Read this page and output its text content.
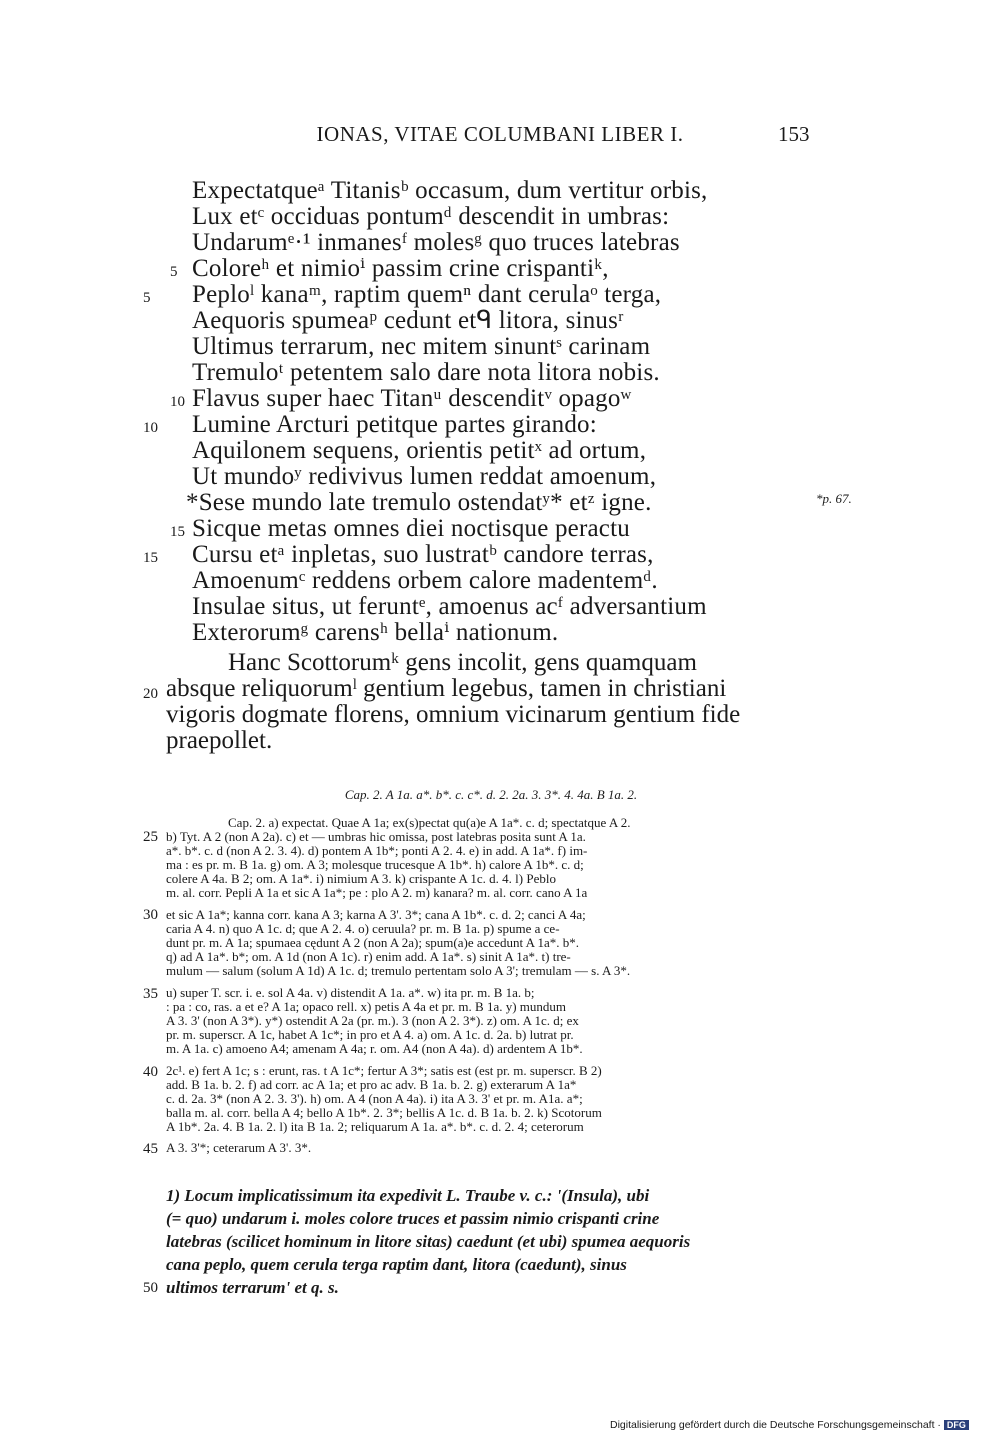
IONAS, VITAE COLUMBANI LIBER I.	153
Expectatqueᵃ Titanisᵇ occasum, dum vertitur orbis,
Lux etᶜ occiduas pontumᵈ descendit in umbras:
Undarumᵉ·¹ inmanesᶠ molesᵍ quo truces latebras
Coloreʰ et nimioⁱ passim crine crispantiᵏ,
Peploˡ kanaᵐ, raptim quemⁿ dant cerulaᵒ terga,
Aequoris spumeaᵖ cedunt etᑫ litora, sinusʳ
Ultimus terrarum, nec mitem sinuntˢ carinam
Tremuloᵗ petentem salo dare nota litora nobis.
Flavus super haec Titanᵘ descenditᵛ opagoʷ
Lumine Arcturi petitque partes girando:
Aquilonem sequens, orientis petitˣ ad ortum,
Ut mundoʸ redivivus lumen reddat amoenum,
*Sese mundo late tremulo ostendatʸ* etᶻ igne.
Sicque metas omnes diei noctisque peractu
Cursu etᵃ inpletas, suo lustratᵇ candore terras,
Amoenumᶜ reddens orbem calore madentemᵈ.
Insulae situs, ut feruntᵉ, amoenus acᶠ adversantium
Exterorumᵍ carensʰ bellaⁱ nationum.
5
10
15
5
10
15
20
25
30
35
40
45
50
*p. 67.
Hanc Scottorumᵏ gens incolit, gens quamquam
absque reliquorumˡ gentium legebus, tamen in christiani
vigoris dogmate florens, omnium vicinarum gentium fide
praepollet.
Cap. 2. A 1a. a*. b*. c. c*. d. 2. 2a. 3. 3*. 4. 4a. B 1a. 2.
Cap. 2. a) expectat. Quae A 1a; ex(s)pectat qu(a)e A 1a*. c. d; spectatque A 2.
b) Tyt. A 2 (non A 2a). c) et — umbras hic omissa, post latebras posita sunt A 1a.
a*. b*. c. d (non A 2. 3. 4). d) pontem A 1b*; ponti A 2. 4. e) in add. A 1a*. f) im-
ma : es pr. m. B 1a. g) om. A 3; molesque trucesque A 1b*. h) calore A 1b*. c. d;
colere A 4a. B 2; om. A 1a*. i) nimium A 3. k) crispante A 1c. d. 4. l) Peblo
m. al. corr. Pepli A 1a et sic A 1a*; pe : plo A 2. m) kanara? m. al. corr. cano A 1a
et sic A 1a*; kanna corr. kana A 3; karna A 3'. 3*; cana A 1b*. c. d. 2; canci A 4a;
caria A 4. n) quo A 1c. d; que A 2. 4. o) ceruula? pr. m. B 1a. p) spume a ce-
dunt pr. m. A 1a; spumaea cędunt A 2 (non A 2a); spum(a)e accedunt A 1a*. b*.
q) ad A 1a*. b*; om. A 1d (non A 1c). r) enim add. A 1a*. s) sinit A 1a*. t) tre-
mulum — salum (solum A 1d) A 1c. d; tremulo pertentam solo A 3'; tremulam — s. A 3*.
u) super T. scr. i. e. sol A 4a. v) distendit A 1a. a*. w) ita pr. m. B 1a. b;
: pa : co, ras. a et e? A 1a; opaco rell. x) petis A 4a et pr. m. B 1a. y) mundum
A 3. 3' (non A 3*). y*) ostendit A 2a (pr. m.). 3 (non A 2. 3*). z) om. A 1c. d; ex
pr. m. superscr. A 1c, habet A 1c*; in pro et A 4. a) om. A 1c. d. 2a. b) lutrat pr.
m. A 1a. c) amoeno A4; amenam A 4a; r. om. A4 (non A 4a). d) ardentem A 1b*.
2c¹. e) fert A 1c; s : erunt, ras. t A 1c*; fertur A 3*; satis est (est pr. m. superscr. B 2)
add. B 1a. b. 2. f) ad corr. ac A 1a; et pro ac adv. B 1a. b. 2. g) exterarum A 1a*
c. d. 2a. 3* (non A 2. 3. 3'). h) om. A 4 (non A 4a). i) ita A 3. 3' et pr. m. A1a. a*;
balla m. al. corr. bella A 4; bello A 1b*. 2. 3*; bellis A 1c. d. B 1a. b. 2. k) Scotorum
A 1b*. 2a. 4. B 1a. 2. l) ita B 1a. 2; reliquarum A 1a. a*. b*. c. d. 2. 4; ceterorum
A 3. 3'*; ceterarum A 3'. 3*.
1) Locum implicatissimum ita expedivit L. Traube v. c.: '(Insula), ubi
(= quo) undarum i. moles colore truces et passim nimio crispanti crine
latebras (scilicet hominum in litore sitas) caedunt (et ubi) spumea aequoris
cana peplo, quem cerula terga raptim dant, litora (caedunt), sinus
ultimos terrarum' et q. s.
Digitalisierung gefördert durch die Deutsche Forschungsgemeinschaft · DFG
